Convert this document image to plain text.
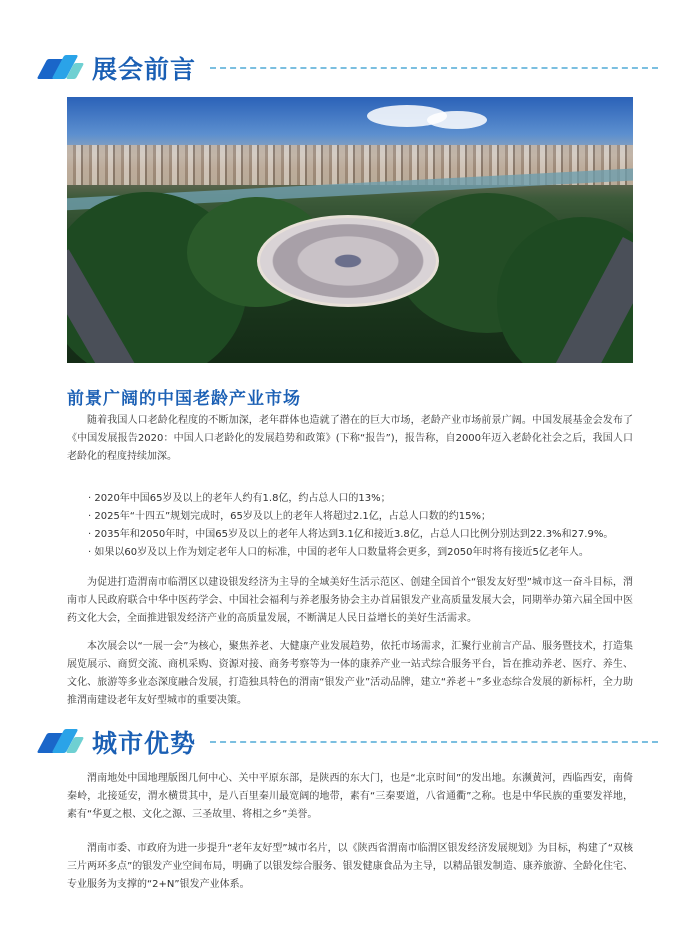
展会前言
前景广阔的中国老龄产业市场

随着我国人口老龄化程度的不断加深，老年群体也造就了潜在的巨大市场，老龄产业市场前景广阔。中国发展基金会发布了《中国发展报告2020：中国人口老龄化的发展趋势和政策》(下称“报告”)，报告称，自2000年迈入老龄化社会之后，我国人口老龄化的程度持续加深。

· 2020年中国65岁及以上的老年人约有1.8亿，约占总人口的13%；
· 2025年“十四五”规划完成时，65岁及以上的老年人将超过2.1亿，占总人口数的约15%；
· 2035年和2050年时，中国65岁及以上的老年人将达到3.1亿和接近3.8亿，占总人口比例分别达到22.3%和27.9%。
· 如果以60岁及以上作为划定老年人口的标准，中国的老年人口数量将会更多，到2050年时将有接近5亿老年人。

为促进打造渭南市临渭区以建设银发经济为主导的全域美好生活示范区、创建全国首个“银发友好型”城市这一奋斗目标，渭南市人民政府联合中华中医药学会、中国社会福利与养老服务协会主办首届银发产业高质量发展大会，同期举办第六届全国中医药文化大会，全面推进银发经济产业的高质量发展，不断满足人民日益增长的美好生活需求。

本次展会以“一展一会”为核心，聚焦养老、大健康产业发展趋势，依托市场需求，汇聚行业前言产品、服务暨技术，打造集展览展示、商贸交流、商机采购、资源对接、商务考察等为一体的康养产业一站式综合服务平台，旨在推动养老、医疗、养生、文化、旅游等多业态深度融合发展，打造独具特色的渭南“银发产业”活动品牌，建立“养老＋”多业态综合发展的新标杆，全力助推渭南建设老年友好型城市的重要决策。

城市优势

渭南地处中国地理版图几何中心、关中平原东部，是陕西的东大门，也是“北京时间”的发出地。东濒黄河，西临西安，南倚秦岭，北接延安，渭水横贯其中，是八百里秦川最宽阔的地带，素有“三秦要道，八省通衢”之称。也是中华民族的重要发祥地，素有“华夏之根、文化之源、三圣故里、将相之乡”美誉。

渭南市委、市政府为进一步提升“老年友好型”城市名片，以《陕西省渭南市临渭区银发经济发展规划》为目标，构建了“双核三片两环多点”的银发产业空间布局，明确了以银发综合服务、银发健康食品为主导，以精品银发制造、康养旅游、全龄化住宅、专业服务为支撑的“2+N”银发产业体系。
